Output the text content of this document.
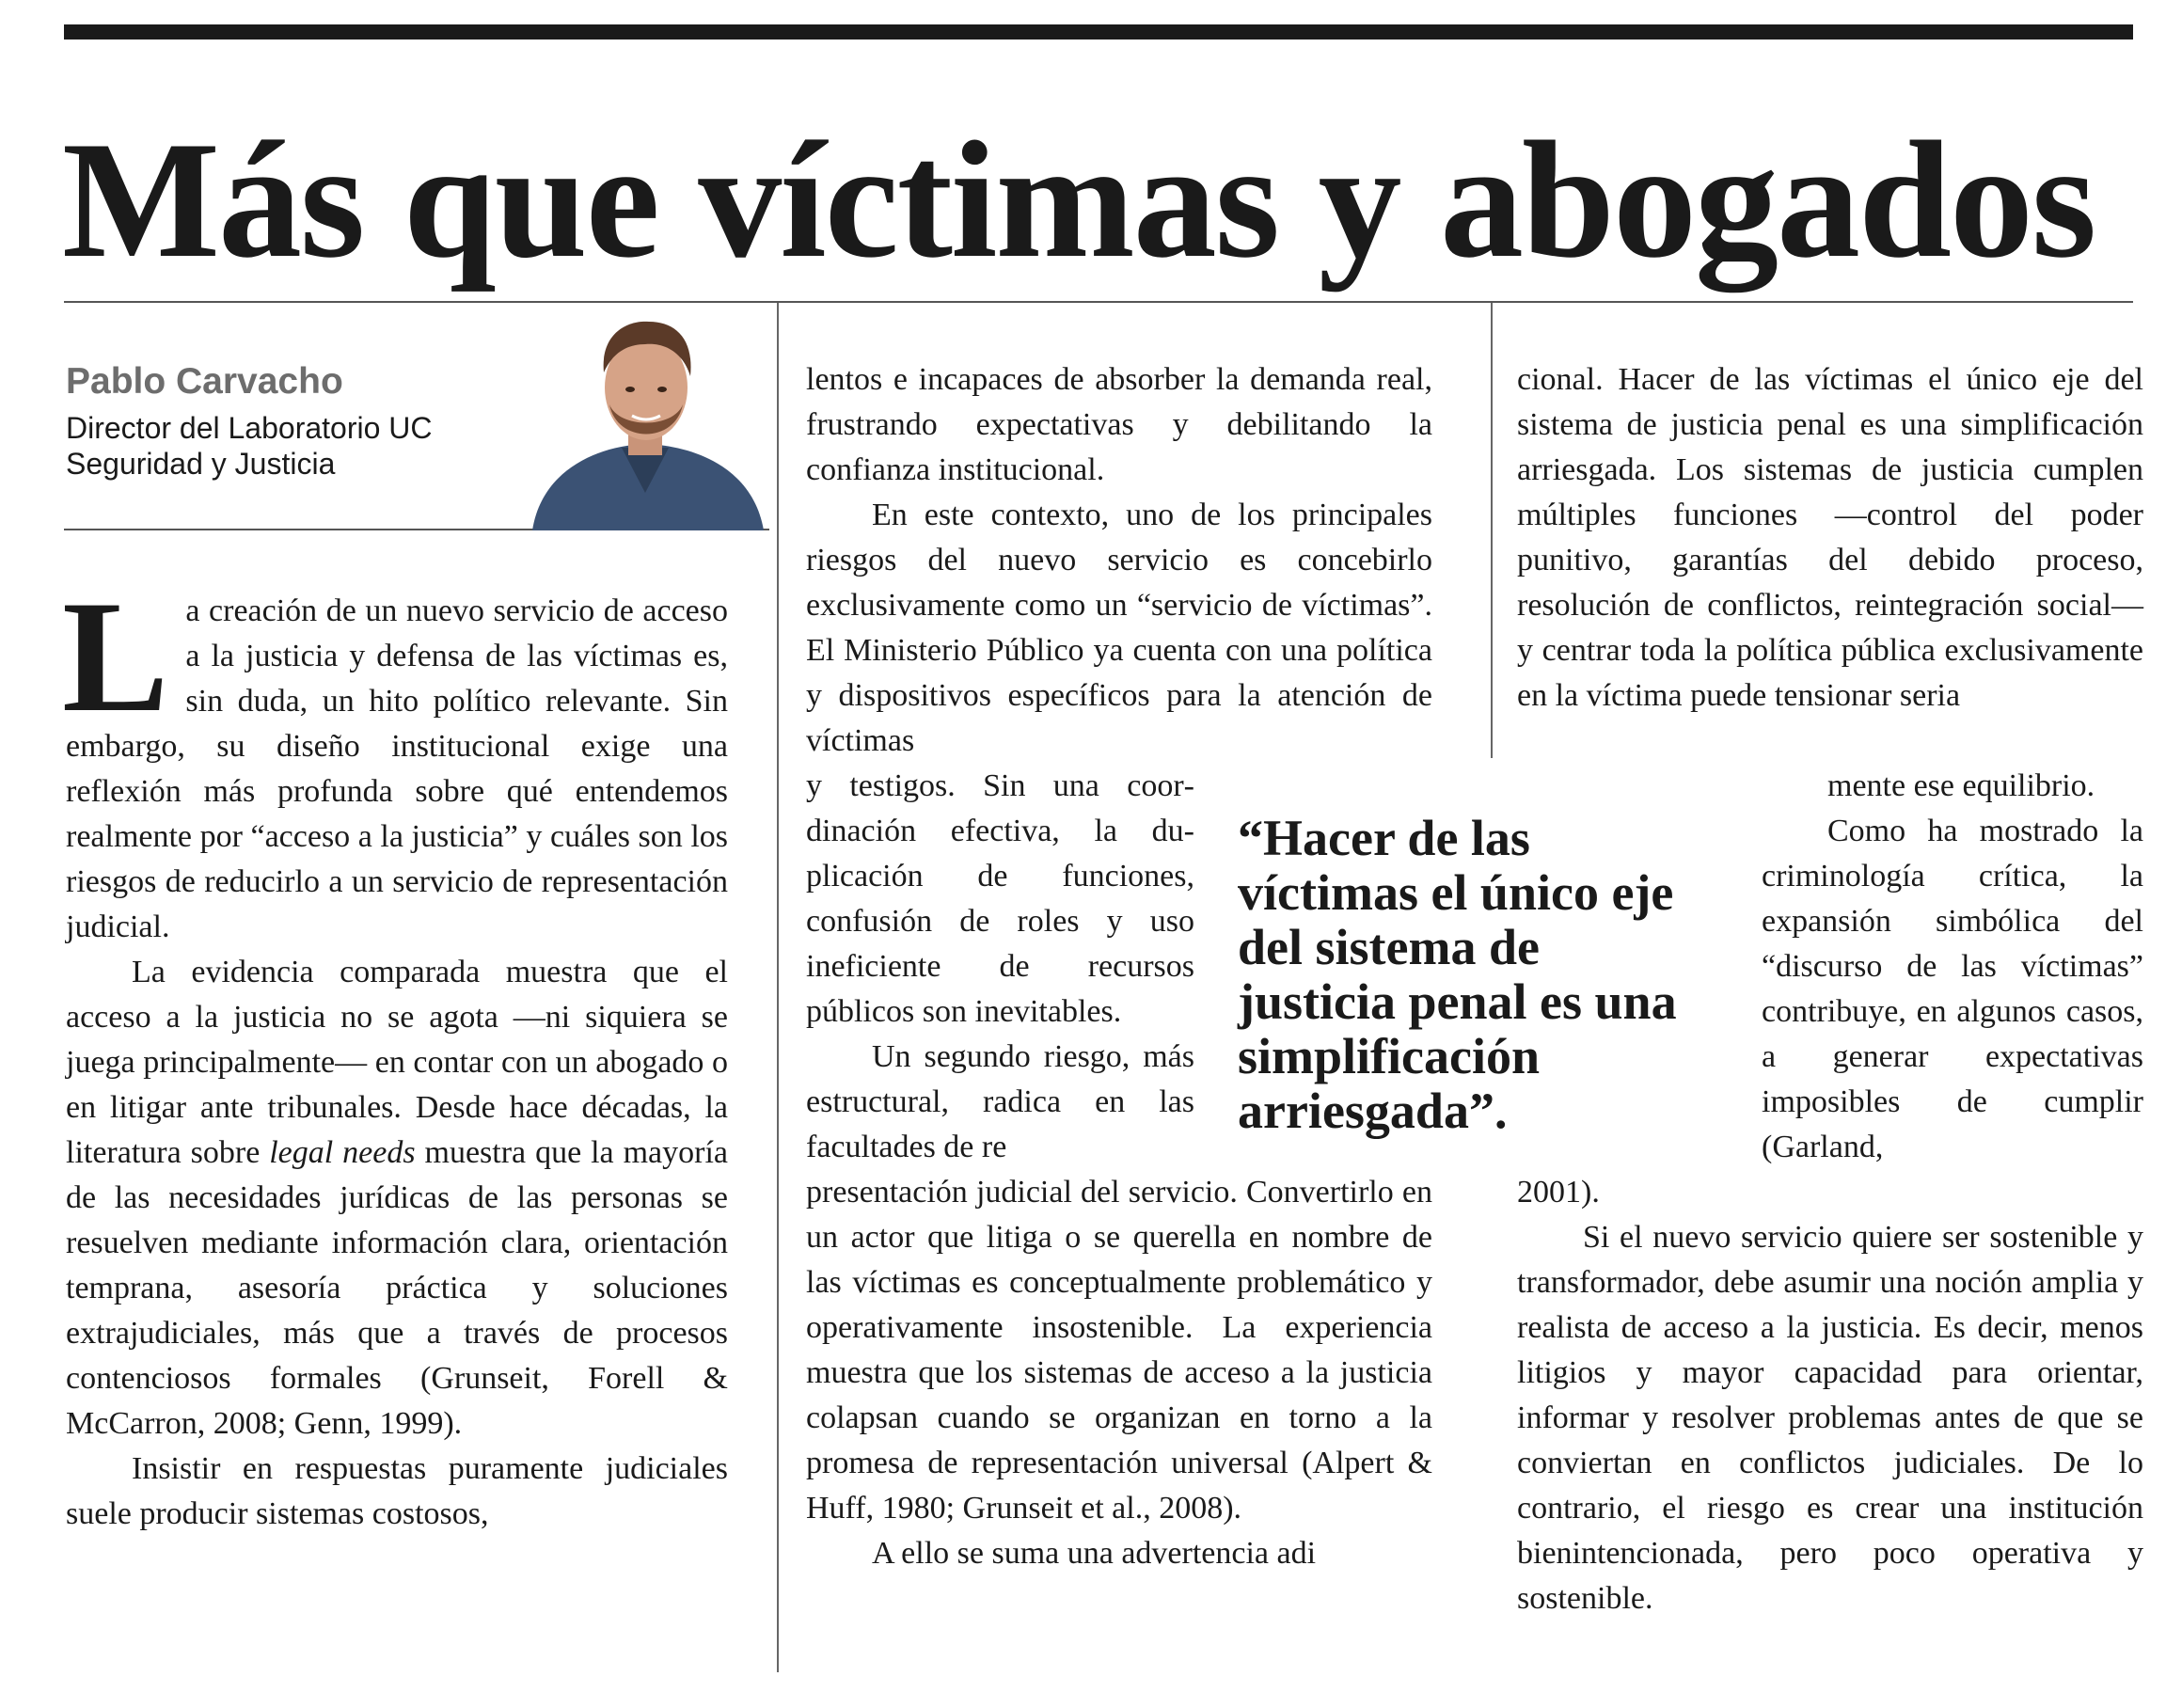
Más que víctimas y abogados
Pablo Carvacho
Director del Laboratorio UC Seguridad y Justicia

La creación de un nuevo servicio de acceso a la justicia y defensa de las víctimas es, sin duda, un hito político relevante. Sin embargo, su diseño institucional exige una reflexión más profunda sobre qué entendemos realmente por “acceso a la justicia” y cuáles son los riesgos de reducirlo a un servicio de representación judicial.

La evidencia comparada muestra que el acceso a la justicia no se agota —ni siquiera se juega principalmente— en contar con un abogado o en litigar ante tribunales. Desde hace décadas, la literatura sobre legal needs muestra que la mayoría de las necesidades jurídicas de las personas se resuelven mediante información clara, orientación temprana, asesoría práctica y soluciones extrajudiciales, más que a través de procesos contenciosos formales (Grunseit, Forell & McCarron, 2008; Genn, 1999).

Insistir en respuestas puramente judiciales suele producir sistemas costosos,

lentos e incapaces de absorber la demanda real, frustrando expectativas y debilitando la confianza institucional.

En este contexto, uno de los principales riesgos del nuevo servicio es concebirlo exclusivamente como un “servicio de víctimas”. El Ministerio Público ya cuenta con una política y dispositivos específicos para la atención de víctimas

y testigos. Sin una coordinación efectiva, la duplicación de funciones, confusión de roles y uso ineficiente de recursos públicos son inevitables.

Un segundo riesgo, más estructural, radica en las facultades de re

presentación judicial del servicio. Convertirlo en un actor que litiga o se querella en nombre de las víctimas es conceptualmente problemático y operativamente insostenible. La experiencia muestra que los sistemas de acceso a la justicia colapsan cuando se organizan en torno a la promesa de representación universal (Alpert & Huff, 1980; Grunseit et al., 2008).

A ello se suma una advertencia adi

“Hacer de las víctimas el único eje del sistema de justicia penal es una simplificación arriesgada”.

cional. Hacer de las víctimas el único eje del sistema de justicia penal es una simplificación arriesgada. Los sistemas de justicia cumplen múltiples funciones —control del poder punitivo, garantías del debido proceso, resolución de conflictos, reintegración social— y centrar toda la política pública exclusivamente en la víctima puede tensionar seria

mente ese equilibrio.

Como ha mostrado la criminología crítica, la expansión simbólica del “discurso de las víctimas” contribuye, en algunos casos, a generar expectativas imposibles de cumplir (Garland,

2001).

Si el nuevo servicio quiere ser sostenible y transformador, debe asumir una noción amplia y realista de acceso a la justicia. Es decir, menos litigios y mayor capacidad para orientar, informar y resolver problemas antes de que se conviertan en conflictos judiciales. De lo contrario, el riesgo es crear una institución bienintencionada, pero poco operativa y sostenible.
